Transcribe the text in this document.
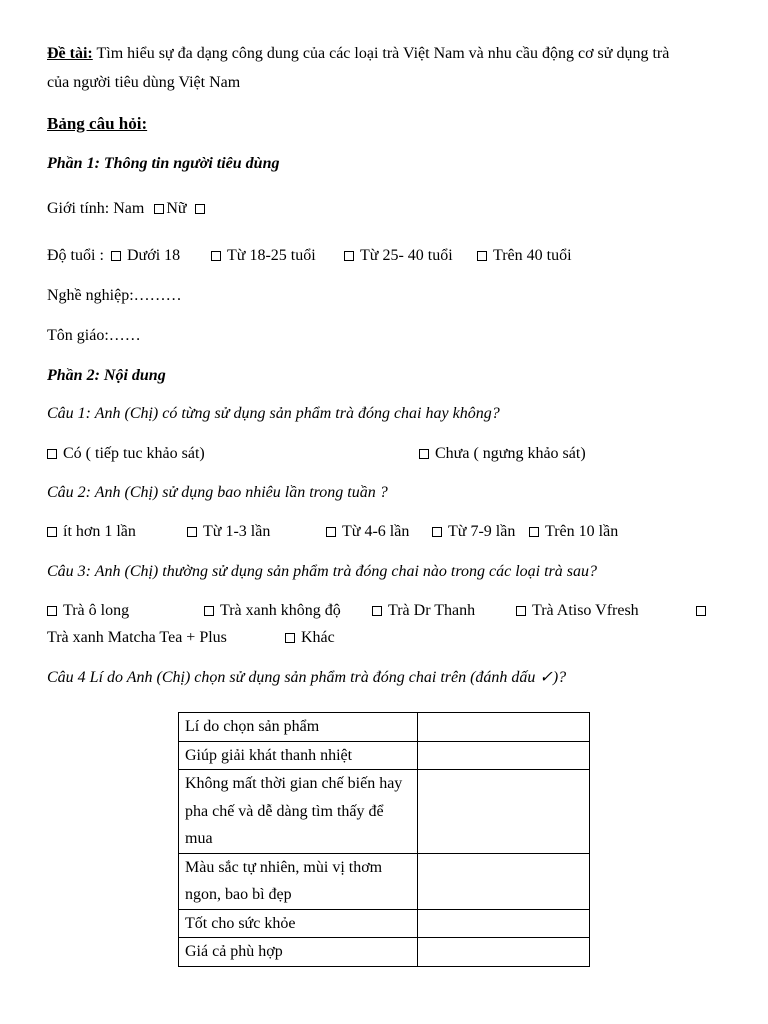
Đề tài: Tìm hiểu sự đa dạng công dung của các loại trà Việt Nam và nhu cầu động cơ sử dụng trà
của người tiêu dùng Việt Nam
Bảng câu hỏi:
Phần 1: Thông tin người tiêu dùng
Giới tính: Nam Nữ
Độ tuổi :	Dưới 18	Từ 18-25 tuổi	Từ 25- 40 tuổi	Trên 40 tuổi
Nghề nghiệp:………
Tôn giáo:……
Phần 2: Nội dung
Câu 1: Anh (Chị) có từng sử dụng sản phẩm trà đóng chai hay không?
Có ( tiếp tuc khảo sát)	Chưa ( ngưng khảo sát)
Câu 2: Anh (Chị) sử dụng bao nhiêu lần trong tuần ?
ít hơn 1 lần	Từ 1-3 lần	Từ 4-6 lần	Từ 7-9 lần	Trên 10 lần
Câu 3: Anh (Chị) thường sử dụng sản phẩm trà đóng chai nào trong các loại trà sau?
Trà ô long	Trà xanh không độ	Trà Dr Thanh	Trà Atiso Vfresh
Trà xanh Matcha Tea + Plus	Khác
Câu 4 Lí do Anh (Chị) chọn sử dụng sản phẩm trà đóng chai trên (đánh dấu ✓)?
Lí do chọn sản phẩm	

Giúp giải khát thanh nhiệt	

Không mất thời gian chế biến hay
pha chế và dễ dàng tìm thấy để
mua	

Màu sắc tự nhiên, mùi vị thơm
ngon, bao bì đẹp	

Tốt cho sức khỏe	

Giá cả phù hợp	
